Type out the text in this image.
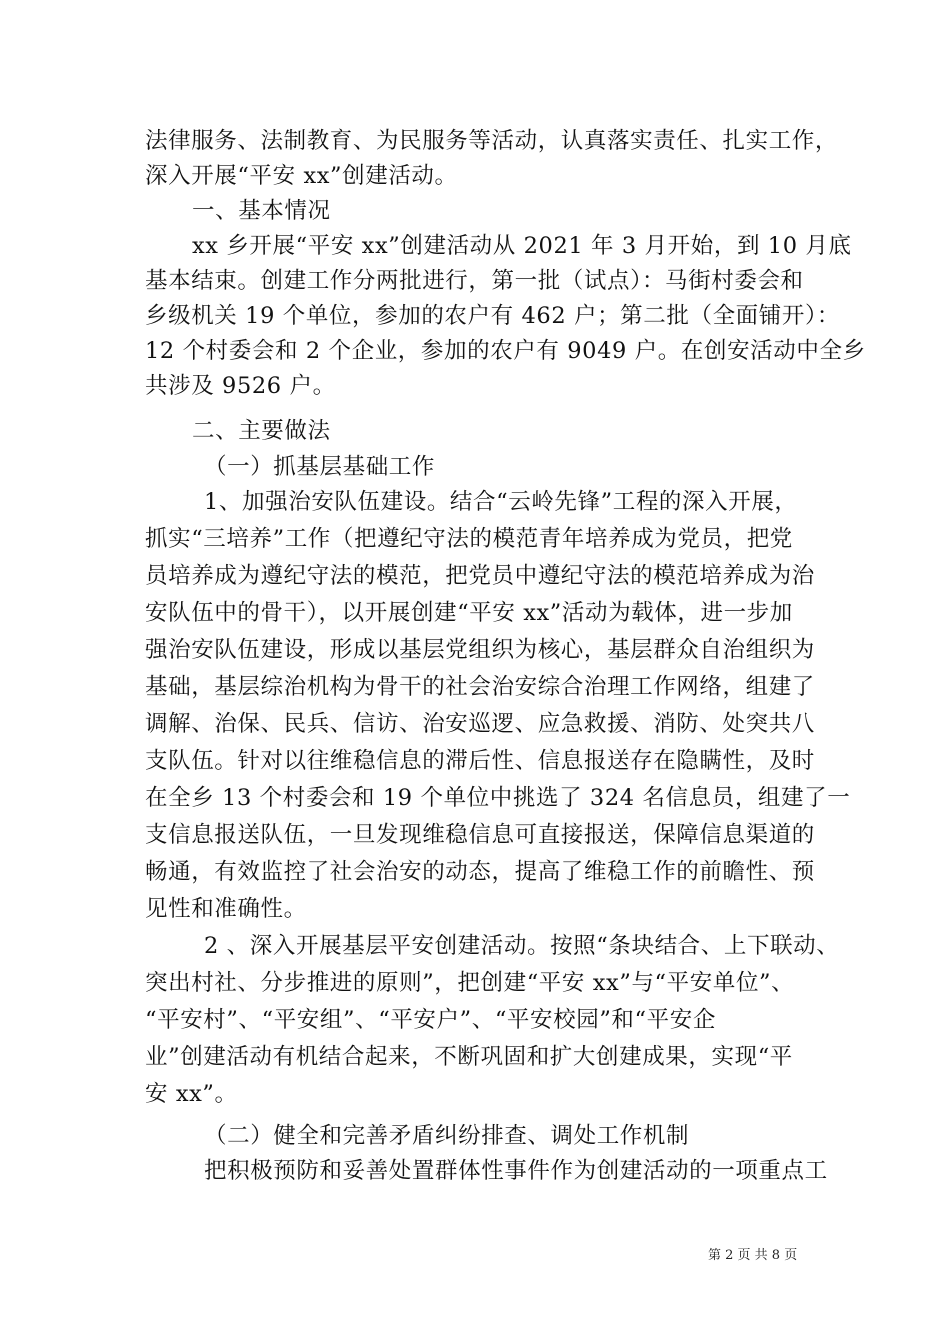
法律服务、法制教育、为民服务等活动，认真落实责任、扎实工作，
深入开展“平安 xx”创建活动。
一、基本情况
xx 乡开展“平安 xx”创建活动从 2021 年 3 月开始，到 10 月底
基本结束。创建工作分两批进行，第一批（试点）：马街村委会和
乡级机关 19 个单位，参加的农户有 462 户；第二批（全面铺开）：
12 个村委会和 2 个企业，参加的农户有 9049 户。在创安活动中全乡
共涉及 9526 户。
二、主要做法
（一）抓基层基础工作
1、加强治安队伍建设。结合“云岭先锋”工程的深入开展，
抓实“三培养”工作（把遵纪守法的模范青年培养成为党员，把党
员培养成为遵纪守法的模范，把党员中遵纪守法的模范培养成为治
安队伍中的骨干），以开展创建“平安 xx”活动为载体，进一步加
强治安队伍建设，形成以基层党组织为核心，基层群众自治组织为
基础，基层综治机构为骨干的社会治安综合治理工作网络，组建了
调解、治保、民兵、信访、治安巡逻、应急救援、消防、处突共八
支队伍。针对以往维稳信息的滞后性、信息报送存在隐瞒性，及时
在全乡 13 个村委会和 19 个单位中挑选了 324 名信息员，组建了一
支信息报送队伍，一旦发现维稳信息可直接报送，保障信息渠道的
畅通，有效监控了社会治安的动态，提高了维稳工作的前瞻性、预
见性和准确性。
2 、深入开展基层平安创建活动。按照“条块结合、上下联动、
突出村社、分步推进的原则”，把创建“平安 xx”与“平安单位”、
“平安村”、“平安组”、“平安户”、“平安校园”和“平安企
业”创建活动有机结合起来，不断巩固和扩大创建成果，实现“平
安 xx”。
（二）健全和完善矛盾纠纷排查、调处工作机制
把积极预防和妥善处置群体性事件作为创建活动的一项重点工
第 2 页 共 8 页
